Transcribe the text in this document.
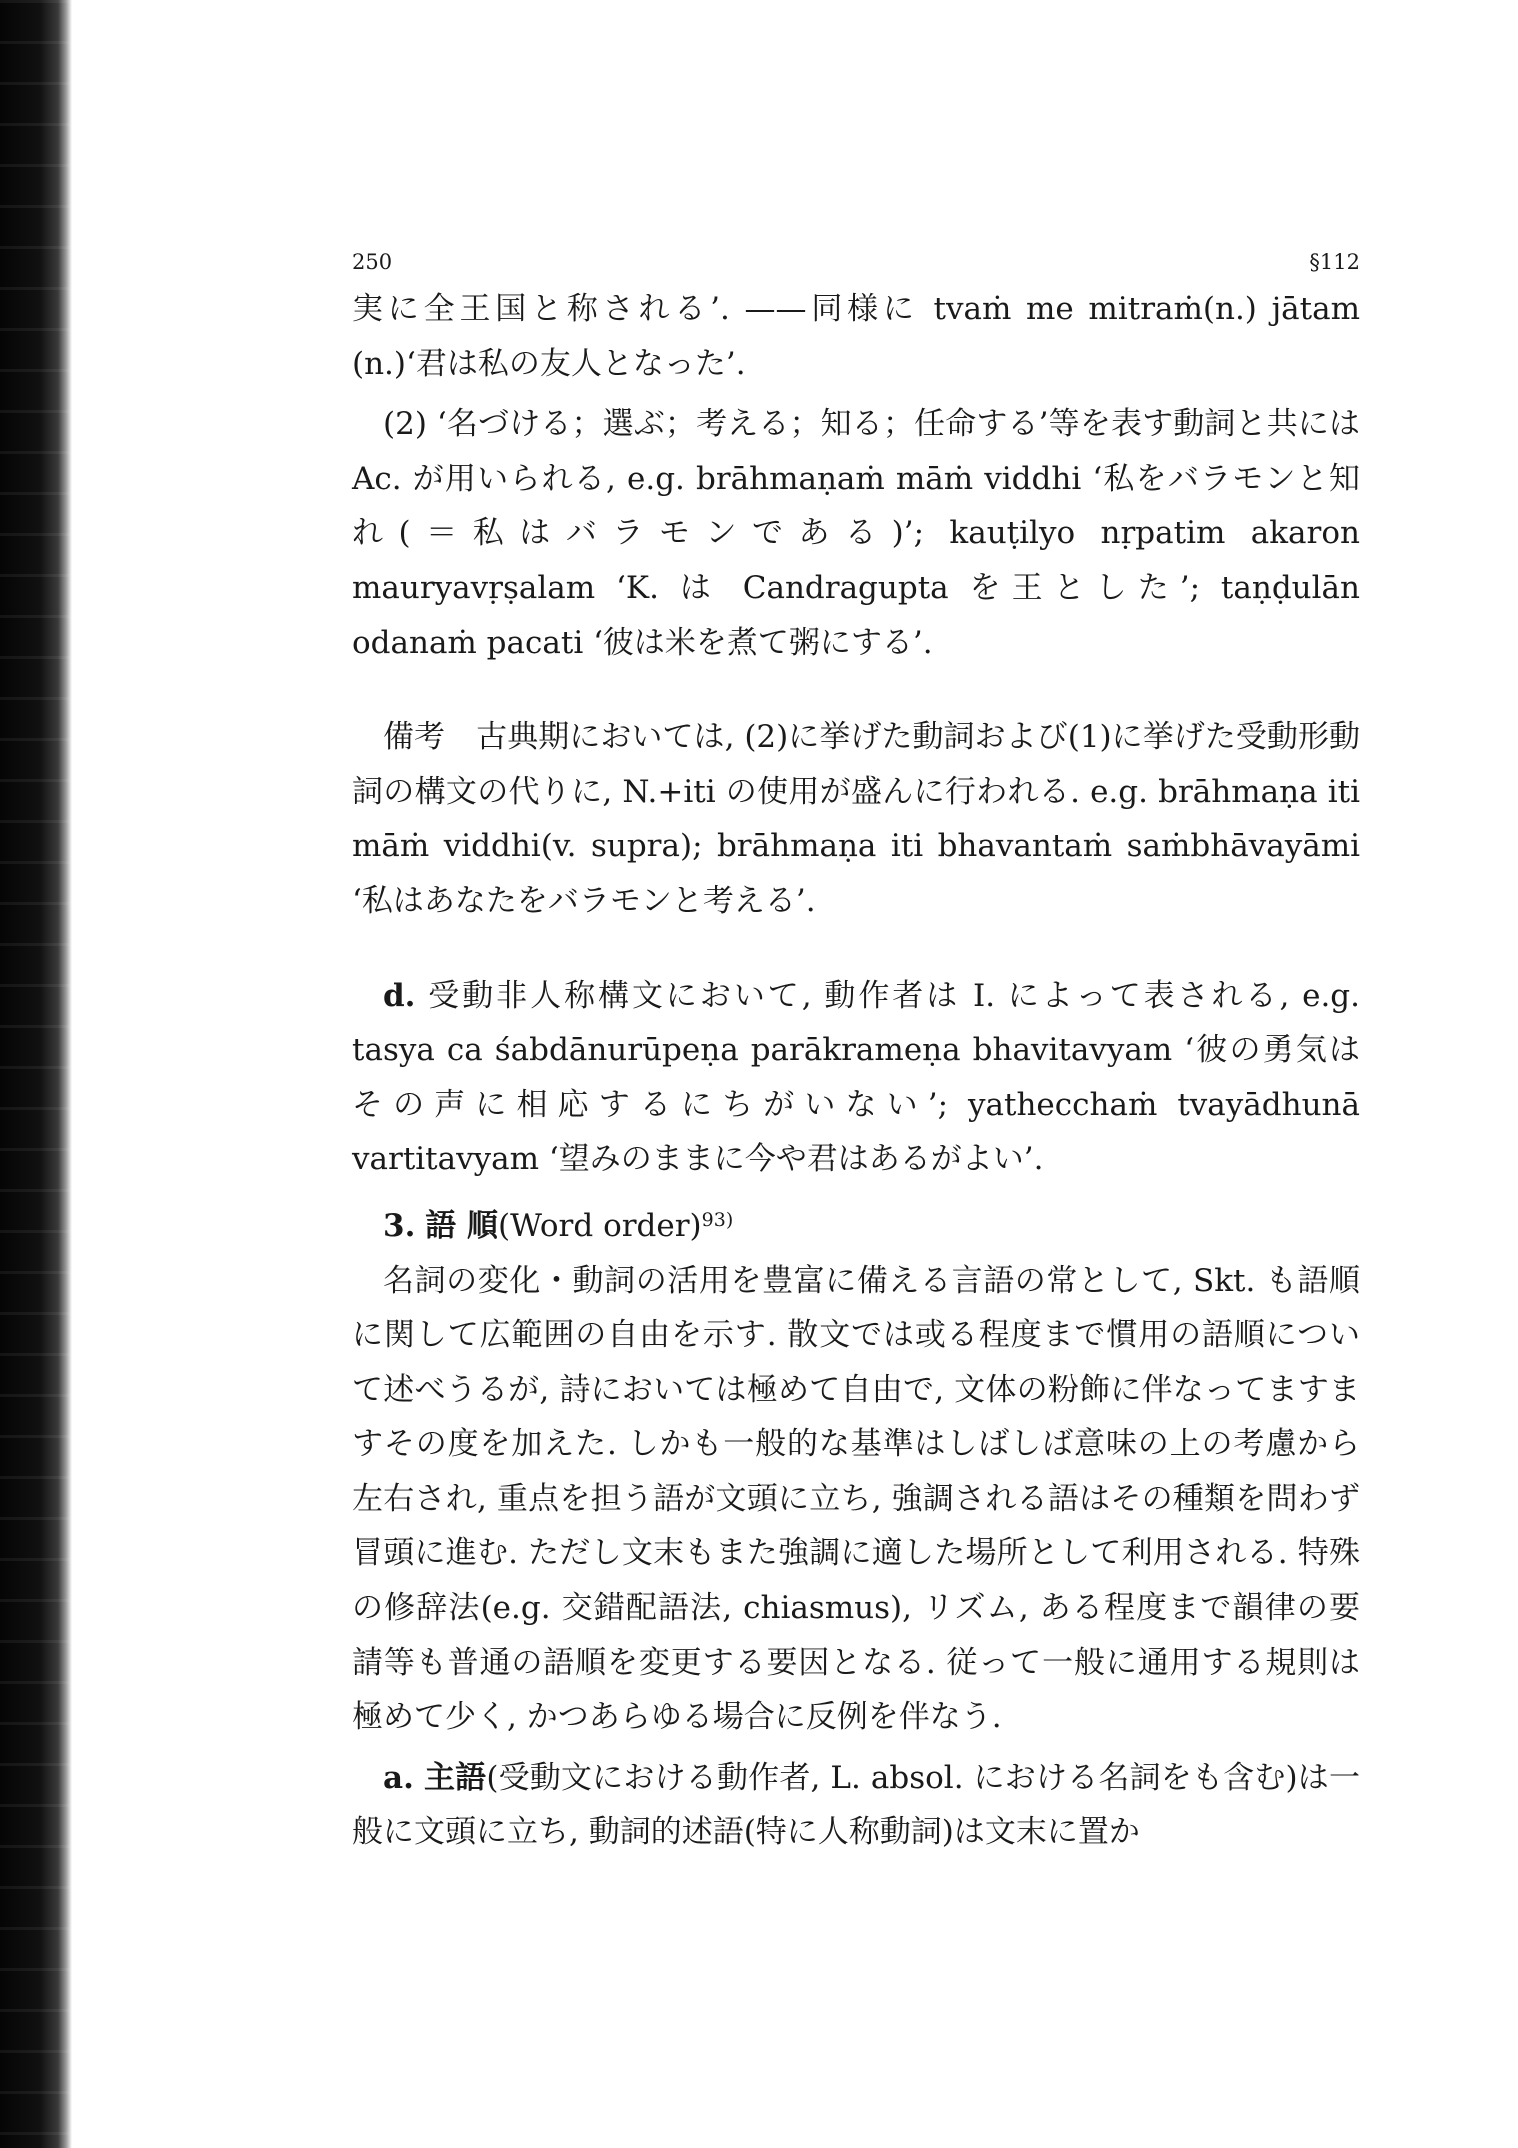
250	§112

実に全王国と称される’. ——同様に tvaṁ me mitraṁ(n.) jātam (n.)‘君は私の友人となった’.

(2) ‘名づける；選ぶ；考える；知る；任命する’等を表す動詞と共には Ac. が用いられる, e.g. brāhmaṇaṁ māṁ viddhi ‘私をバラモンと知れ(＝私はバラモンである)’; kauṭilyo nṛpatim akaron mauryavṛṣalam ‘K. は Candragupta を王とした’; taṇḍulān odanaṁ pacati ‘彼は米を煮て粥にする’.

備考　 古典期においては, (2)に挙げた動詞および(1)に挙げた受動形動詞の構文の代りに, N.+iti の使用が盛んに行われる. e.g. brāhmaṇa iti māṁ viddhi(v. supra); brāhmaṇa iti bhavantaṁ saṁbhāvayāmi ‘私はあなたをバラモンと考える’.

d. 受動非人称構文において, 動作者は I. によって表される, e.g. tasya ca śabdānurūpeṇa parākrameṇa bhavitavyam ‘彼の勇気はその声に相応するにちがいない’; yathecchaṁ tvayādhunā vartitavyam ‘望みのままに今や君はあるがよい’.

3. 語 順(Word order)$^{93)}$

名詞の変化・動詞の活用を豊富に備える言語の常として, Skt. も語順に関して広範囲の自由を示す. 散文では或る程度まで慣用の語順について述べうるが, 詩においては極めて自由で, 文体の粉飾に伴なってますますその度を加えた. しかも一般的な基準はしばしば意味の上の考慮から左右され, 重点を担う語が文頭に立ち, 強調される語はその種類を問わず冒頭に進む. ただし文末もまた強調に適した場所として利用される. 特殊の修辞法(e.g. 交錯配語法, chiasmus), リズム, ある程度まで韻律の要請等も普通の語順を変更する要因となる. 従って一般に通用する規則は極めて少く, かつあらゆる場合に反例を伴なう.

a. 主語(受動文における動作者, L. absol. における名詞をも含む)は一般に文頭に立ち, 動詞的述語(特に人称動詞)は文末に置か
